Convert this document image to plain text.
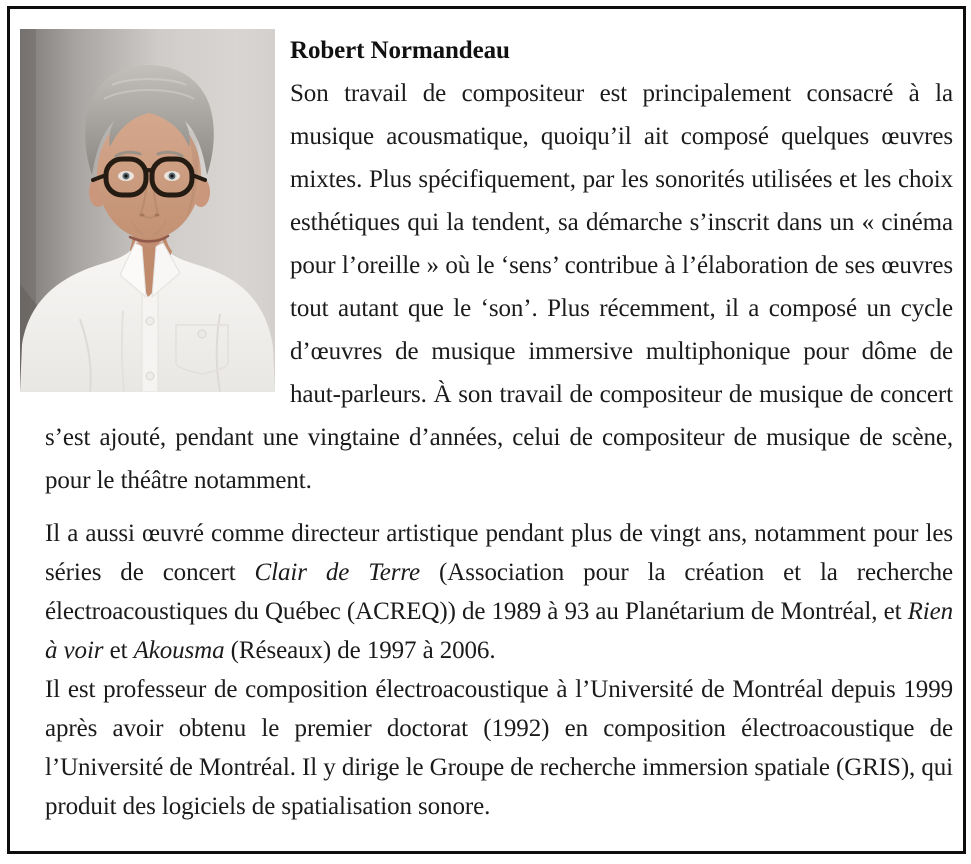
Robert Normandeau

Son travail de compositeur est principalement consacré à la musique acousmatique, quoiqu’il ait composé quelques œuvres mixtes. Plus spécifiquement, par les sonorités utilisées et les choix esthétiques qui la tendent, sa démarche s’inscrit dans un « cinéma pour l’oreille » où le ‘sens’ contribue à l’élaboration de ses œuvres tout autant que le ‘son’. Plus récemment, il a composé un cycle d’œuvres de musique immersive multiphonique pour dôme de haut-parleurs. À son travail de compositeur de musique de concert s’est ajouté, pendant une vingtaine d’années, celui de compositeur de musique de scène, pour le théâtre notamment.

Il a aussi œuvré comme directeur artistique pendant plus de vingt ans, notamment pour les séries de concert Clair de Terre (Association pour la création et la recherche électroacoustiques du Québec (ACREQ)) de 1989 à 93 au Planétarium de Montréal, et Rien à voir et Akousma (Réseaux) de 1997 à 2006.

Il est professeur de composition électroacoustique à l’Université de Montréal depuis 1999 après avoir obtenu le premier doctorat (1992) en composition électroacoustique de l’Université de Montréal. Il y dirige le Groupe de recherche immersion spatiale (GRIS), qui produit des logiciels de spatialisation sonore.
